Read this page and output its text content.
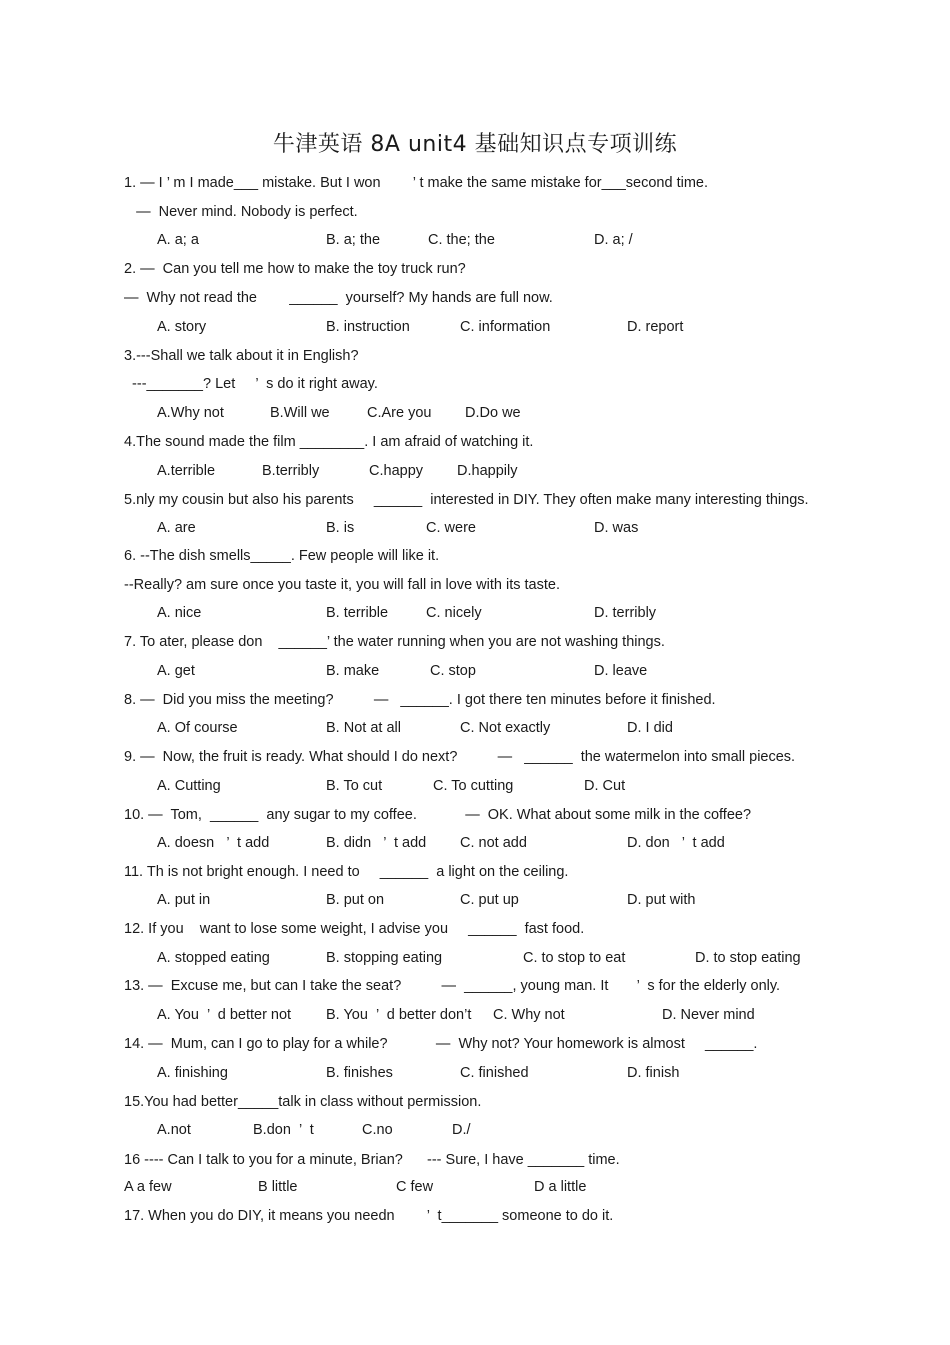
牛津英语 8A unit4 基础知识点专项训练
1. — I ’ m I made___ mistake. But I won        ’ t make the same mistake for___second time.
—  Never mind. Nobody is perfect.
2. —  Can you tell me how to make the toy truck run?
—  Why not read the        ______  yourself? My hands are full now.
3.---Shall we talk about it in English?
---_______? Let     ’  s do it right away.
4.The sound made the film ________. I am afraid of watching it.
5.nly my cousin but also his parents     ______  interested in DIY. They often make many interesting things.
6. --The dish smells_____. Few people will like it.
--Really? am sure once you taste it, you will fall in love with its taste.
7. To ater, please don    ______’ the water running when you are not washing things.
8. —  Did you miss the meeting?          —   ______. I got there ten minutes before it finished.
9. —  Now, the fruit is ready. What should I do next?          —   ______  the watermelon into small pieces.
10. —  Tom,  ______  any sugar to my coffee.            —  OK. What about some milk in the coffee?
11. Th is not bright enough. I need to     ______  a light on the ceiling.
12. If you    want to lose some weight, I advise you     ______  fast food.
13. —  Excuse me, but can I take the seat?          —  ______, young man. It       ’  s for the elderly only.
14. —  Mum, can I go to play for a while?            —  Why not? Your homework is almost     ______.
15.You had better_____talk in class without permission.
16 ---- Can I talk to you for a minute, Brian?      --- Sure, I have _______ time.
17. When you do DIY, it means you needn        ’  t_______ someone to do it.
A. a; a	B. a; the	C. the; the	D. a; /
A. story	B. instruction	C. information	D. report
A.Why not	B.Will we	C.Are you D.Do we
A.terrible	B.terribly	C.happy D.happily
A. are	B. is	C. were	D. was
A. nice	B. terrible	C. nicely	D. terribly
A. get	B. make	C. stop	D. leave
A. Of course	B. Not at all	C. Not exactly	D. I did
A. Cutting	B. To cut	C. To cutting	D. Cut
A. doesn   ’  t add	B. didn   ’  t add C. not add	D. don   ’  t add
A. put in	B. put on	C. put up	D. put with
A. stopped eating	B. stopping eating	C. to stop to eat	D. to stop eating
A. You  ’  d better not B. You  ’  d better don’t C. Why not	D. Never mind
A. finishing	B. finishes	C. finished	D. finish
A.not	B.don  ’  t	C.no	D./
A a few	B little	C few	D a little
